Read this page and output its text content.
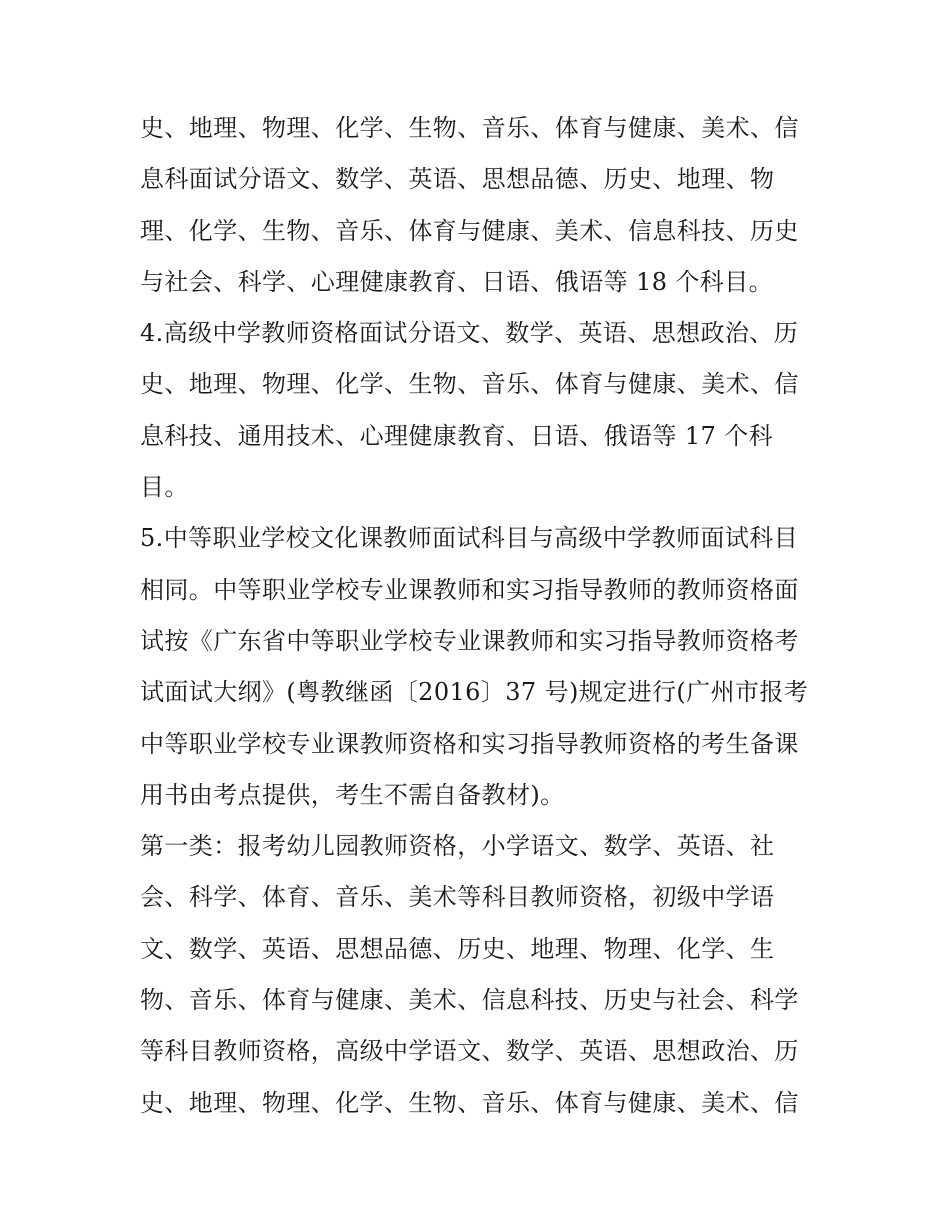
史、地理、物理、化学、生物、音乐、体育与健康、美术、信
息科面试分语文、数学、英语、思想品德、历史、地理、物
理、化学、生物、音乐、体育与健康、美术、信息科技、历史
与社会、科学、心理健康教育、日语、俄语等 18 个科目。
4.高级中学教师资格面试分语文、数学、英语、思想政治、历
史、地理、物理、化学、生物、音乐、体育与健康、美术、信
息科技、通用技术、心理健康教育、日语、俄语等 17 个科
目。
5.中等职业学校文化课教师面试科目与高级中学教师面试科目
相同。中等职业学校专业课教师和实习指导教师的教师资格面
试按《广东省中等职业学校专业课教师和实习指导教师资格考
试面试大纲》(粤教继函〔2016〕37 号)规定进行(广州市报考
中等职业学校专业课教师资格和实习指导教师资格的考生备课
用书由考点提供，考生不需自备教材)。
第一类：报考幼儿园教师资格，小学语文、数学、英语、社
会、科学、体育、音乐、美术等科目教师资格，初级中学语
文、数学、英语、思想品德、历史、地理、物理、化学、生
物、音乐、体育与健康、美术、信息科技、历史与社会、科学
等科目教师资格，高级中学语文、数学、英语、思想政治、历
史、地理、物理、化学、生物、音乐、体育与健康、美术、信
